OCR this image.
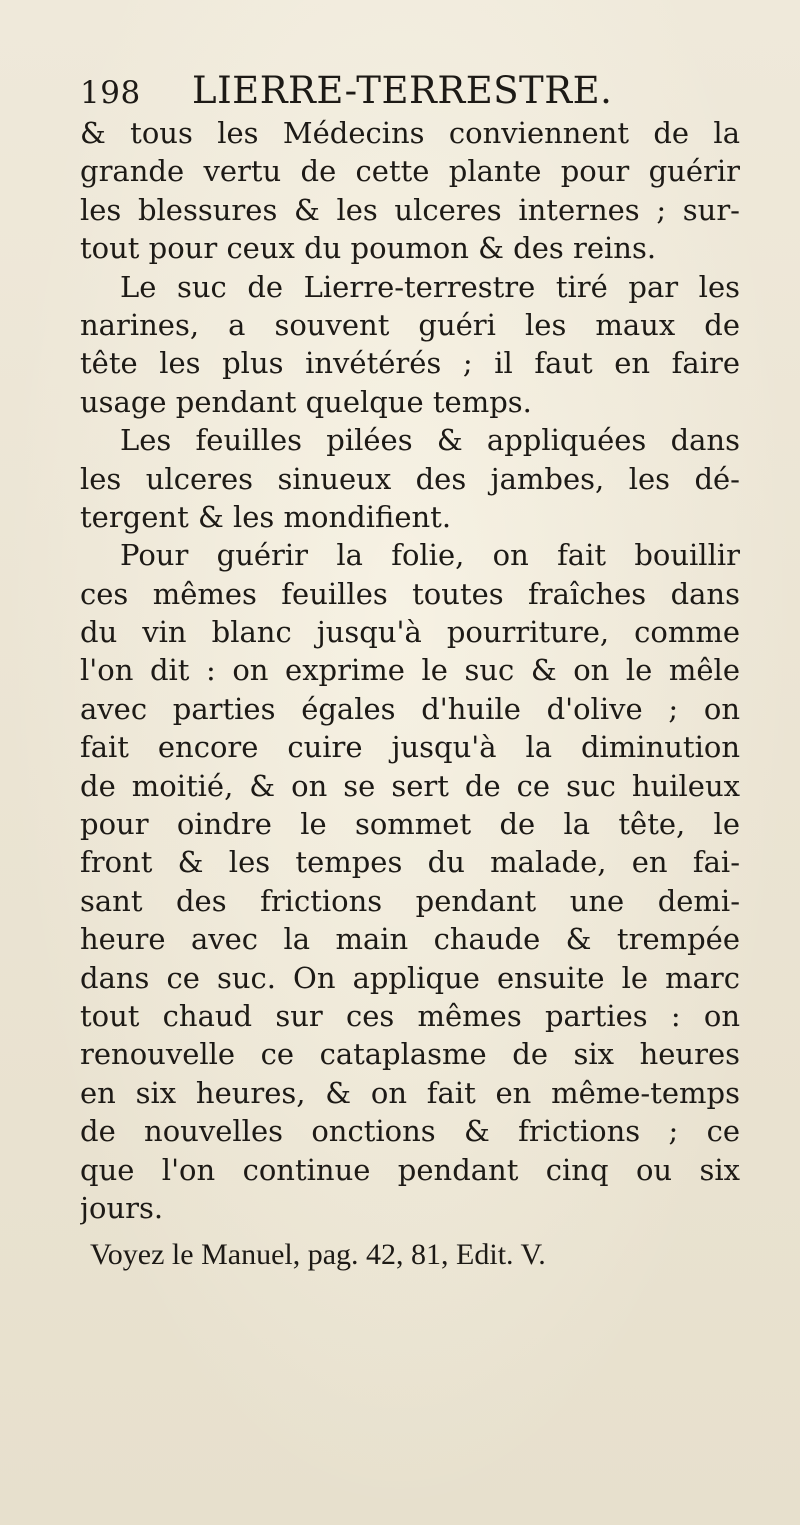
198 LIERRE-TERRESTRE.
& tous les Médecins conviennent de la
grande vertu de cette plante pour guérir
les blessures & les ulceres internes ; sur-
tout pour ceux du poumon & des reins.
Le suc de Lierre-terrestre tiré par les
narines, a souvent guéri les maux de
tête les plus invétérés ; il faut en faire
usage pendant quelque temps.
Les feuilles pilées & appliquées dans
les ulceres sinueux des jambes, les dé-
tergent & les mondifient.
Pour guérir la folie, on fait bouillir
ces mêmes feuilles toutes fraîches dans
du vin blanc jusqu'à pourriture, comme
l'on dit : on exprime le suc & on le mêle
avec parties égales d'huile d'olive ; on
fait encore cuire jusqu'à la diminution
de moitié, & on se sert de ce suc huileux
pour oindre le sommet de la tête, le
front & les tempes du malade, en fai-
sant des frictions pendant une demi-
heure avec la main chaude & trempée
dans ce suc. On applique ensuite le marc
tout chaud sur ces mêmes parties : on
renouvelle ce cataplasme de six heures
en six heures, & on fait en même-temps
de nouvelles onctions & frictions ; ce
que l'on continue pendant cinq ou six
jours.
Voyez le Manuel, pag. 42, 81, Edit. V.
